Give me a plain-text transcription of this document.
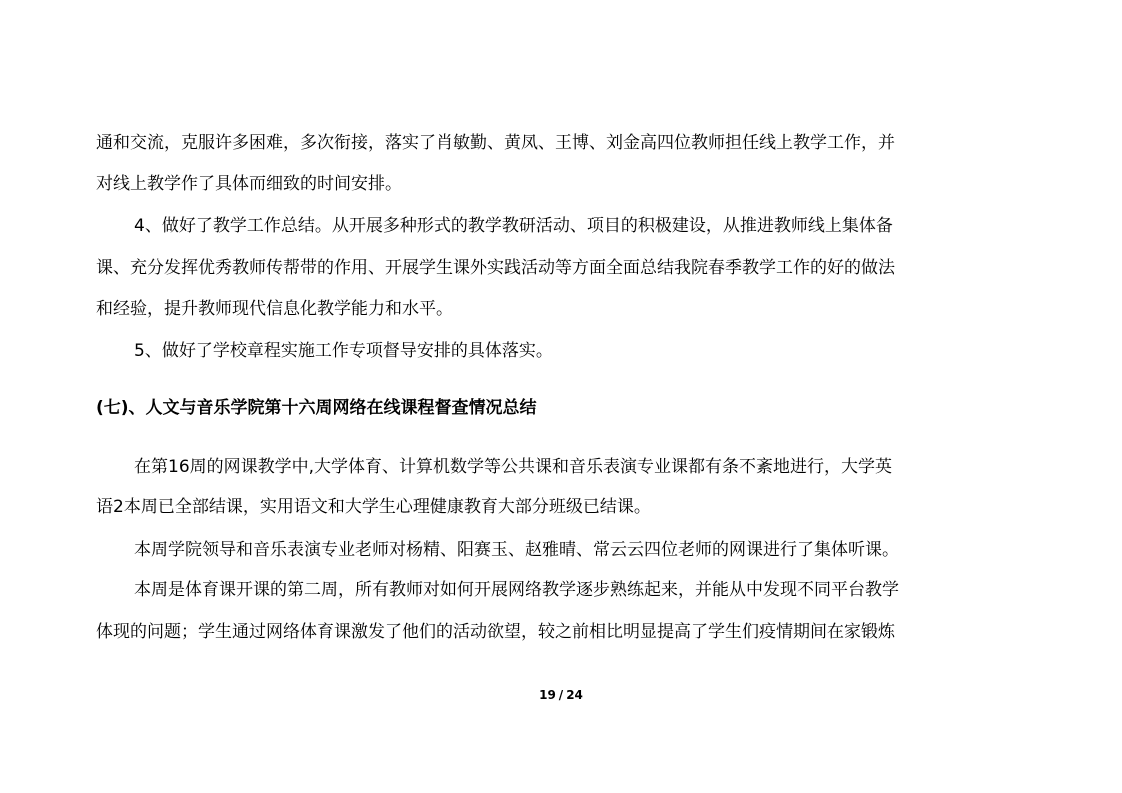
通和交流，克服许多困难，多次衔接，落实了肖敏勤、黄凤、王博、刘金高四位教师担任线上教学工作，并
对线上教学作了具体而细致的时间安排。
4、做好了教学工作总结。从开展多种形式的教学教研活动、项目的积极建设，从推进教师线上集体备
课、充分发挥优秀教师传帮带的作用、开展学生课外实践活动等方面全面总结我院春季教学工作的好的做法
和经验，提升教师现代信息化教学能力和水平。
5、做好了学校章程实施工作专项督导安排的具体落实。
(七)、人文与音乐学院第十六周网络在线课程督查情况总结
在第16周的网课教学中,大学体育、计算机数学等公共课和音乐表演专业课都有条不紊地进行，大学英
语2本周已全部结课，实用语文和大学生心理健康教育大部分班级已结课。
本周学院领导和音乐表演专业老师对杨精、阳赛玉、赵雅晴、常云云四位老师的网课进行了集体听课。
本周是体育课开课的第二周，所有教师对如何开展网络教学逐步熟练起来，并能从中发现不同平台教学
体现的问题；学生通过网络体育课激发了他们的活动欲望，较之前相比明显提高了学生们疫情期间在家锻炼
19 / 24
